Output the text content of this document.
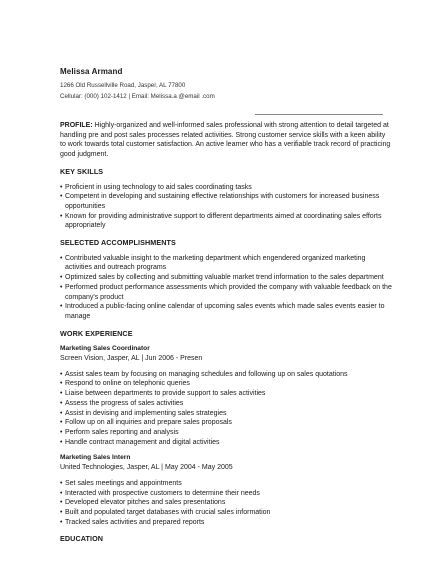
Melissa Armand
1266 Old Russellville Road, Jasper, AL 77800
Cellular: (000) 102-1412 | Email: Melissa.a @email .com
PROFILE: Highly-organized and well-informed sales professional with strong attention to detail targeted at handling pre and post sales processes related activities. Strong customer service skills with a keen ability to work towards total customer satisfaction. An active learner who has a verifiable track record of practicing good judgment.
KEY SKILLS
• Proficient in using technology to aid sales coordinating tasks
• Competent in developing and sustaining effective relationships with customers for increased business opportunities
• Known for providing administrative support to different departments aimed at coordinating sales efforts appropriately
SELECTED ACCOMPLISHMENTS
• Contributed valuable insight to the marketing department which engendered organized marketing activities and outreach programs
• Optimized sales by collecting and submitting valuable market trend information to the sales department
• Performed product performance assessments which provided the company with valuable feedback on the company's product
• Introduced a public-facing online calendar of upcoming sales events which made sales events easier to manage
WORK EXPERIENCE
Marketing Sales Coordinator
Screen Vision, Jasper, AL | Jun 2006 - Presen
• Assist sales team by focusing on managing schedules and following up on sales quotations
• Respond to online on telephonic queries
• Liaise between departments to provide support to sales activities
• Assess the progress of sales activities
• Assist in devising and implementing sales strategies
• Follow up on all inquiries and prepare sales proposals
• Perform sales reporting and analysis
• Handle contract management and digital activities
Marketing Sales Intern
United Technologies, Jasper, AL | May 2004 - May 2005
• Set sales meetings and appointments
• Interacted with prospective customers to determine their needs
• Developed elevator pitches and sales presentations
• Built and populated target databases with crucial sales information
• Tracked sales activities and prepared reports
EDUCATION
